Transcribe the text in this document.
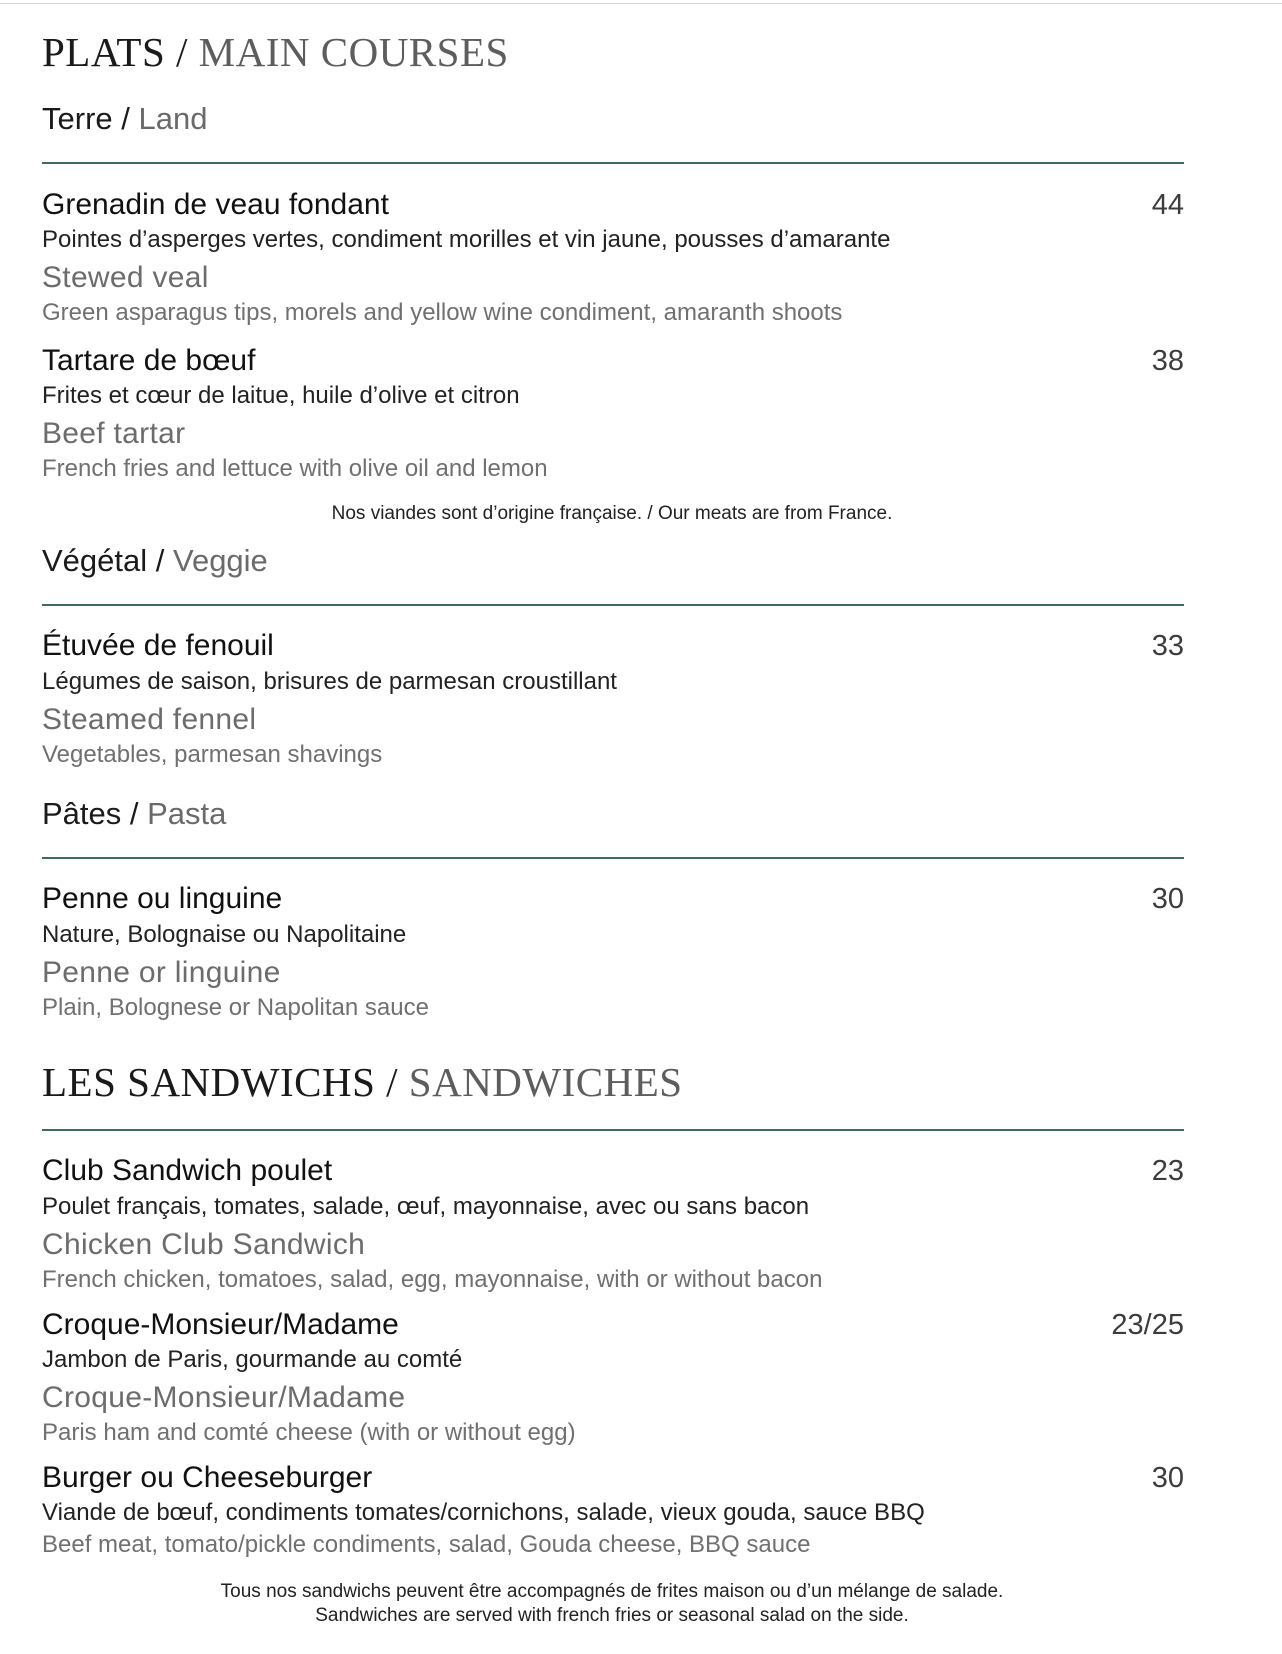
PLATS / MAIN COURSES
Terre / Land
Grenadin de veau fondant	44
Pointes d’asperges vertes, condiment morilles et vin jaune, pousses d’amarante
Stewed veal
Green asparagus tips, morels and yellow wine condiment, amaranth shoots
Tartare de bœuf	38
Frites et cœur de laitue, huile d’olive et citron
Beef tartar
French fries and lettuce with olive oil and lemon
Nos viandes sont d’origine française. / Our meats are from France.
Végétal / Veggie
Étuvée de fenouil	33
Légumes de saison, brisures de parmesan croustillant
Steamed fennel
Vegetables, parmesan shavings
Pâtes / Pasta
Penne ou linguine	30
Nature, Bolognaise ou Napolitaine
Penne or linguine
Plain, Bolognese or Napolitan sauce
LES SANDWICHS / SANDWICHES
Club Sandwich poulet	23
Poulet français, tomates, salade, œuf, mayonnaise, avec ou sans bacon
Chicken Club Sandwich
French chicken, tomatoes, salad, egg, mayonnaise, with or without bacon
Croque-Monsieur/Madame	23/25
Jambon de Paris, gourmande au comté
Croque-Monsieur/Madame
Paris ham and comté cheese (with or without egg)
Burger ou Cheeseburger	30
Viande de bœuf, condiments tomates/cornichons, salade, vieux gouda, sauce BBQ
Beef meat, tomato/pickle condiments, salad, Gouda cheese, BBQ sauce
Tous nos sandwichs peuvent être accompagnés de frites maison ou d’un mélange de salade.
Sandwiches are served with french fries or seasonal salad on the side.
